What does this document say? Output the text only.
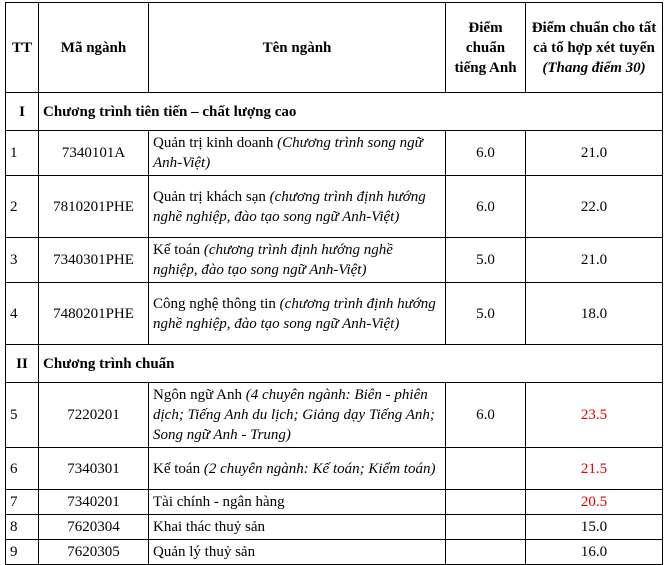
TT	Mã ngành	Tên ngành	Điểm chuẩn tiếng Anh	Điểm chuẩn cho tất cả tổ hợp xét tuyển
(Thang điểm 30)
I	Chương trình tiên tiến – chất lượng cao			
1	7340101A	Quản trị kinh doanh (Chương trình song ngữ Anh-Việt)	6.0	21.0
2	7810201PHE	Quản trị khách sạn (chương trình định hướng nghề nghiệp, đào tạo song ngữ Anh-Việt)	6.0	22.0
3	7340301PHE	Kế toán (chương trình định hướng nghề nghiệp, đào tạo song ngữ Anh-Việt)	5.0	21.0
4	7480201PHE	Công nghệ thông tin (chương trình định hướng nghề nghiệp, đào tạo song ngữ Anh-Việt)	5.0	18.0
II	Chương trình chuẩn			
5	7220201	Ngôn ngữ Anh (4 chuyên ngành: Biên - phiên dịch; Tiếng Anh du lịch; Giảng dạy Tiếng Anh; Song ngữ Anh - Trung)	6.0	23.5
6	7340301	Kế toán (2 chuyên ngành: Kế toán; Kiểm toán)		21.5
7	7340201	Tài chính - ngân hàng		20.5
8	7620304	Khai thác thuỷ sản		15.0
9	7620305	Quản lý thuỷ sản		16.0
